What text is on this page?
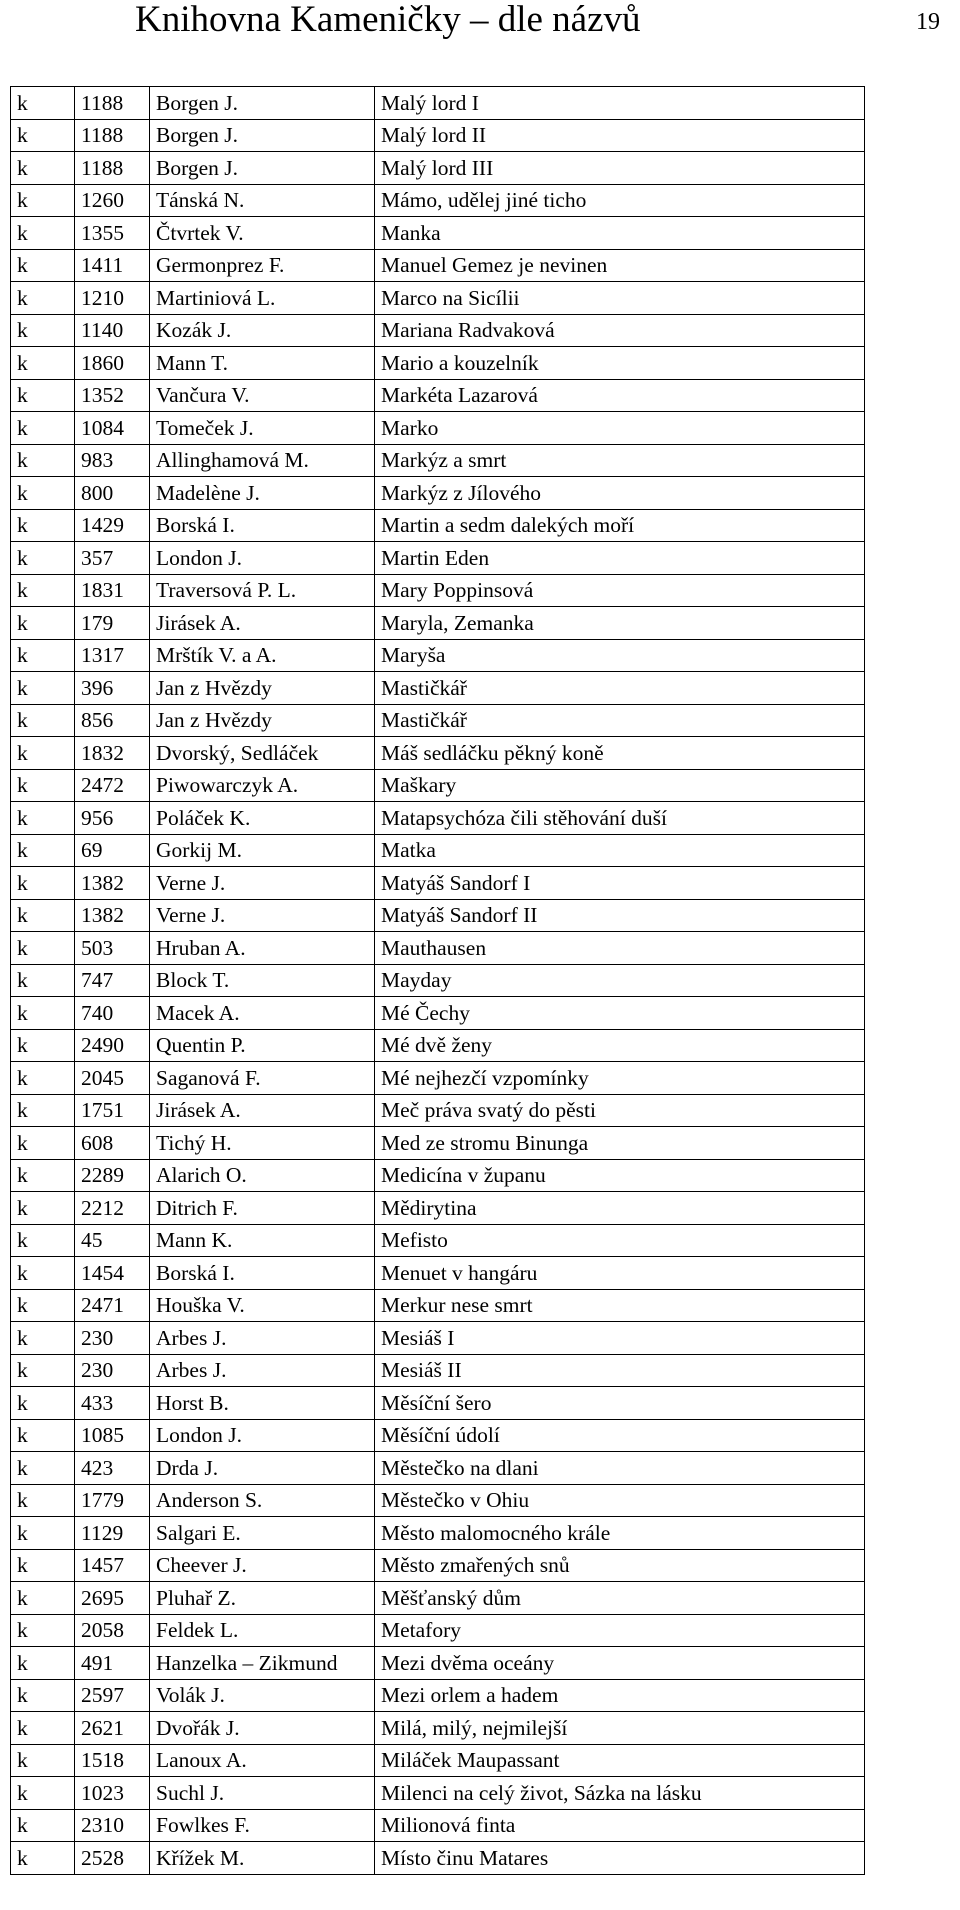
Knihovna Kameničky – dle názvů	19
k	1188	Borgen J.	Malý lord I
k	1188	Borgen J.	Malý lord II
k	1188	Borgen J.	Malý lord III
k	1260	Tánská N.	Mámo, udělej jiné ticho
k	1355	Čtvrtek V.	Manka
k	1411	Germonprez F.	Manuel Gemez je nevinen
k	1210	Martiniová L.	Marco na Sicílii
k	1140	Kozák J.	Mariana Radvaková
k	1860	Mann T.	Mario a kouzelník
k	1352	Vančura V.	Markéta Lazarová
k	1084	Tomeček J.	Marko
k	983	Allinghamová M.	Markýz a smrt
k	800	Madelène J.	Markýz z Jílového
k	1429	Borská I.	Martin a sedm dalekých moří
k	357	London J.	Martin Eden
k	1831	Traversová P. L.	Mary Poppinsová
k	179	Jirásek A.	Maryla, Zemanka
k	1317	Mrštík V. a A.	Maryša
k	396	Jan z Hvězdy	Mastičkář
k	856	Jan z Hvězdy	Mastičkář
k	1832	Dvorský, Sedláček	Máš sedláčku pěkný koně
k	2472	Piwowarczyk A.	Maškary
k	956	Poláček K.	Matapsychóza čili stěhování duší
k	69	Gorkij M.	Matka
k	1382	Verne J.	Matyáš Sandorf I
k	1382	Verne J.	Matyáš Sandorf II
k	503	Hruban A.	Mauthausen
k	747	Block T.	Mayday
k	740	Macek A.	Mé Čechy
k	2490	Quentin P.	Mé dvě ženy
k	2045	Saganová F.	Mé nejhezčí vzpomínky
k	1751	Jirásek A.	Meč práva svatý do pěsti
k	608	Tichý H.	Med ze stromu Binunga
k	2289	Alarich O.	Medicína v županu
k	2212	Ditrich F.	Mědirytina
k	45	Mann K.	Mefisto
k	1454	Borská I.	Menuet v hangáru
k	2471	Houška V.	Merkur nese smrt
k	230	Arbes J.	Mesiáš I
k	230	Arbes J.	Mesiáš II
k	433	Horst B.	Měsíční šero
k	1085	London J.	Měsíční údolí
k	423	Drda J.	Městečko na dlani
k	1779	Anderson S.	Městečko v Ohiu
k	1129	Salgari E.	Město malomocného krále
k	1457	Cheever J.	Město zmařených snů
k	2695	Pluhař Z.	Měšťanský dům
k	2058	Feldek L.	Metafory
k	491	Hanzelka – Zikmund	Mezi dvěma oceány
k	2597	Volák J.	Mezi orlem a hadem
k	2621	Dvořák J.	Milá, milý, nejmilejší
k	1518	Lanoux A.	Miláček Maupassant
k	1023	Suchl J.	Milenci na celý život, Sázka na lásku
k	2310	Fowlkes F.	Milionová finta
k	2528	Křížek M.	Místo činu Matares
